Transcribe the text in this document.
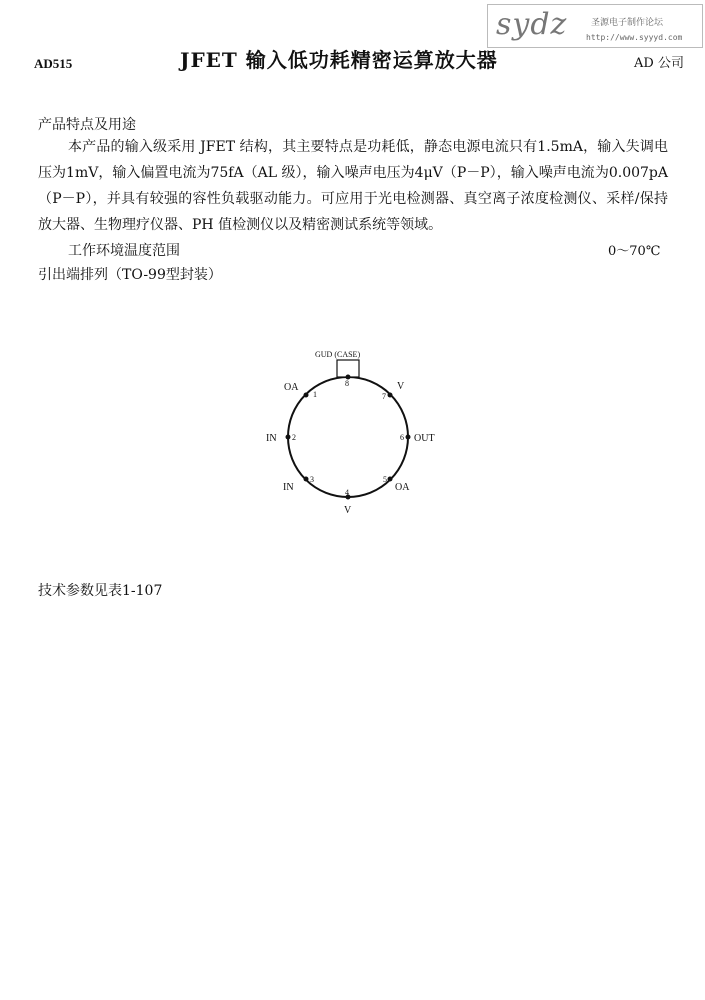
AD515	JFET 输入低功耗精密运算放大器	AD 公司
sydz	圣源电子制作论坛
http://www.syyyd.com
产品特点及用途
本产品的输入级采用 JFET 结构，其主要特点是功耗低，静态电源电流只有1.5mA，输入失调电压为1mV，输入偏置电流为75fA（AL 级），输入噪声电压为4μV（P－P），输入噪声电流为0.007pA（P－P），并具有较强的容性负载驱动能力。可应用于光电检测器、真空离子浓度检测仪、采样/保持放大器、生物理疗仪器、PH 值检测仪以及精密测试系统等领域。
工作环境温度范围	0～70℃
引出端排列（TO-99型封装）
GUD (CASE)
8
1
OA
2
IN
3
IN	4
V
5
OA
6 OUT
7
V
技术参数见表1-107
